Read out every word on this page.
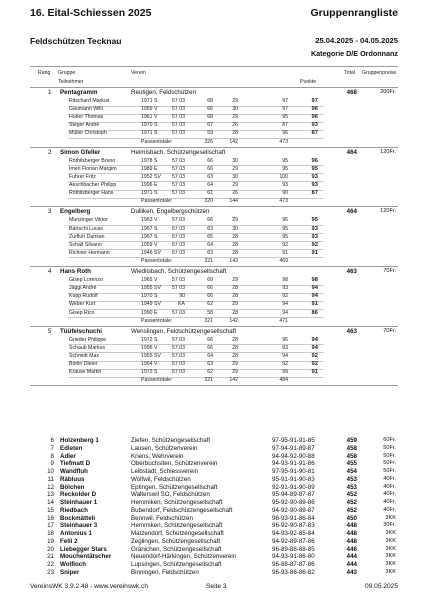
16. Eital-Schiessen 2025	Gruppenrangliste
Feldschützen Tecknau	25.04.2025 - 04.05.2025
Kategorie D/E Ordonnanz
Rang Gruppe	Verein	Total Gruppenpreise
Teilnehmer	Punkte
1 Pentagramm	Reutigen, Feldschützen	468	200Fr.
Ritschard Markus	1971 S	57 03	68	29	97	97
Gäumann Willi	1959 V	57 03	66	30	97	96
Huber Thomas	1961 V	57 03	68	29	95	96
Steger André	1970 S	57 03	67	26	87	93
Müller Christoph	1971 S	57 03	59	28	96	87
Passentotale:	326	142	473
2 Simon Gfeller	Heimisbach, Schützengesellschaft	464	120Fr.
Röthlisberger Bruno	1978 S	57 03	66	30	95	96
Imeri Florian Margim	1989 E	57 03	66	29	95	95
Fuhrer Fritz	1952 SV	57 03	63	30	100	93
Aeschbacher Philipp	1996 E	57 03	64	29	93	93
Röthlisberger Hans	1971 S	57 03	61	26	90	87
Passentotale:	320	144	473
3 Engelberg	Dulliken, Engelbergschützen	464	120Fr.
Munzinger Viktor	1963 V	57 03	66	29	96	95
Bärtschi Lucas	1967 S	57 03	63	30	95	93
Zurfluh Damian	1967 S	57 03	65	28	95	93
Schalt Silvano	1959 V	57 03	64	28	92	92
Richner Hermann	1946 SV	57 03	63	28	91	91
Passentotale:	321	143	469
4 Hans Roth	Wiedlisbach, Schützengesellschaft	463	70Fr.
Gisep Lorenzo	1965 V	57 03	69	29	98	98
Jäggi André	1955 SV	57 03	66	28	93	94
Kopp Rudolf	1970 S	90	66	28	92	94
Weber Kurt	1949 SV	KA	62	29	94	91
Gisep Rico	1990 E	57 03	58	28	94	86
Passentotale:	321	142	471
5 Tüüfelschuchi	Wenslingen, Feldschützengesellschaft	463	70Fr.
Grieder Philippe	1972 S	57 03	66	28	96	94
Schaub Markus	1996 V	57 03	66	28	93	94
Schmidt Max	1955 SV	57 03	64	28	94	92
Börlin Dieter	1964 V	57 03	63	29	92	92
Krause Martin	1972 S	57 03	62	29	99	91
Passentotale:	321	142	484
6 Holzenberg 1	Ziefen, Schützengesellschaft	97-95-91-91-85	459	60Fr.
7 Edleten	Lausen, Schützenverein	97-94-91-89-87	458	50Fr.
8 Adler	Kriens, Wehrverein	94-94-92-90-88	458	50Fr.
9 Tiefmatt D	Oberbuchsiten, Schützenverein	94-93-91-91-86	455	50Fr.
10 Wandfluh	Leibstadt, Schiessverein	97-95-91-90-81	454	50Fr.
11 Räbluus	Wolfwil, Feldschützen	95-91-91-90-83	453	40Fr.
12 Bölchen	Eptingen, Schützengesellschaft	92-91-91-90-89	453	40Fr.
13 Reckolder D	Walterswil SO, Feldschützen	95-94-89-87-87	452	40Fr.
14 Steinhauer 1	Hemmiken, Schützengesellschaft	95-92-90-89-86	452	40Fr.
15 Riedbach	Bubendorf, Feldschützengesellschaft	94-92-90-89-87	452	40Fr.
16 Bockmätteli	Bennwil, Feldschützen	96-93-91-86-84	450	3KK
17 Steinhauer 3	Hemmiken, Schützengesellschaft	96-92-90-87-83	448	30Fr.
18 Antonius 1	Matzendorf, Schützengesellschaft	94-93-92-85-84	448	3KK
19 Felli 2	Zeglingen, Schützengesellschaft	94-92-89-87-86	448	3KK
20 Liebegger Stars	Gränichen, Schützengesellschaft	96-89-88-88-85	446	3KK
21 Mouchentätscher	Neuendorf-Härkingen, Schützenverein	94-93-91-86-80	444	3KK
22 Wolfloch	Lupsingen, Schützengesellschaft	96-88-87-87-86	444	3KK
23 Sniper	Binningen, Feldschützen	96-93-86-86-82	443	3KK
VereinsWK 3.9.2.48 - www.vereinswk.ch	Seite 3	09.05.2025
